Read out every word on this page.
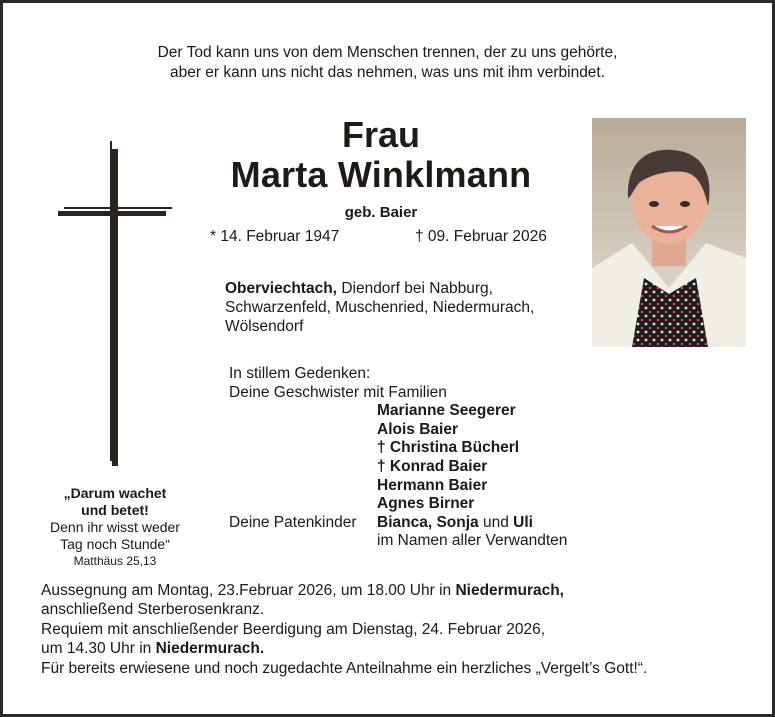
Der Tod kann uns von dem Menschen trennen, der zu uns gehörte,
aber er kann uns nicht das nehmen, was uns mit ihm verbindet.
Frau
Marta Winklmann
geb. Baier
* 14. Februar 1947	† 09. Februar 2026
Oberviechtach, Diendorf bei Nabburg,
Schwarzenfeld, Muschenried, Niedermurach,
Wölsendorf
In stillem Gedenken:
Deine Geschwister mit Familien
Marianne Seegerer
Alois Baier
† Christina Bücherl
† Konrad Baier
Hermann Baier
Agnes Birner
Deine Patenkinder	Bianca, Sonja und Uli
im Namen aller Verwandten
„Darum wachet
und betet!
Denn ihr wisst weder
Tag noch Stunde“
Matthäus 25,13
Aussegnung am Montag, 23.Februar 2026, um 18.00 Uhr in Niedermurach,
anschließend Sterberosenkranz.
Requiem mit anschließender Beerdigung am Dienstag, 24. Februar 2026,
um 14.30 Uhr in Niedermurach.
Für bereits erwiesene und noch zugedachte Anteilnahme ein herzliches „Vergelt’s Gott!“.
